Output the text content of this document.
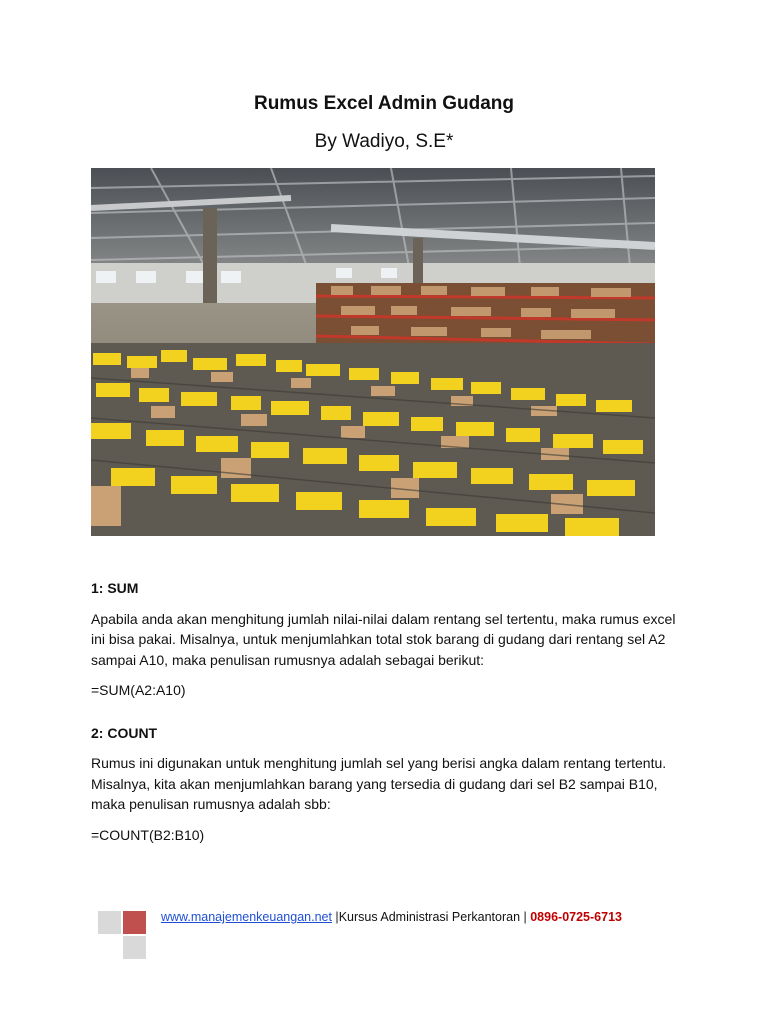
Rumus Excel Admin Gudang
By Wadiyo, S.E*

1: SUM

Apabila anda akan menghitung jumlah nilai-nilai dalam rentang sel tertentu, maka rumus excel ini bisa pakai. Misalnya, untuk menjumlahkan total stok barang di gudang dari rentang sel A2 sampai A10, maka penulisan rumusnya adalah sebagai berikut:

=SUM(A2:A10)

2: COUNT

Rumus ini digunakan untuk menghitung jumlah sel yang berisi angka dalam rentang tertentu. Misalnya, kita akan menjumlahkan barang yang tersedia di gudang dari sel B2 sampai B10, maka penulisan rumusnya adalah sbb:

=COUNT(B2:B10)

www.manajemenkeuangan.net |Kursus Administrasi Perkantoran | 0896-0725-6713
